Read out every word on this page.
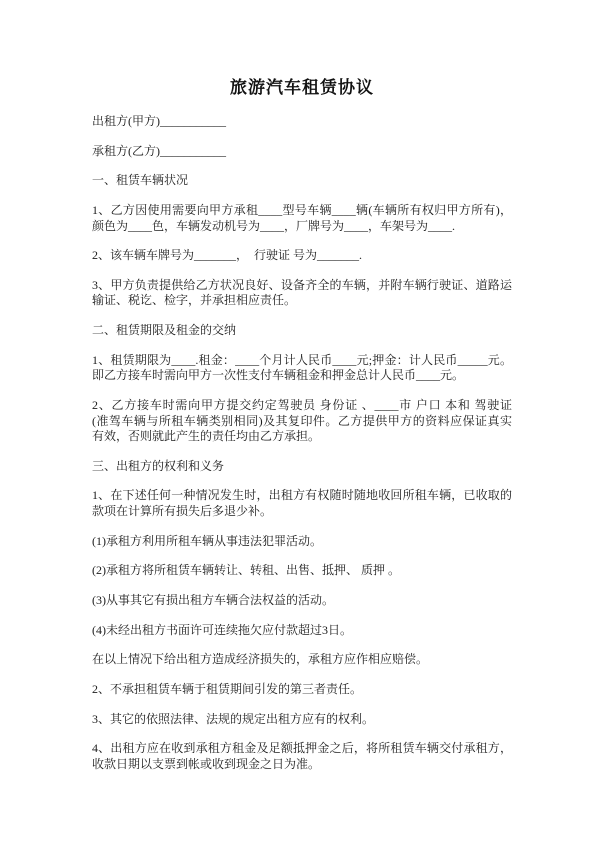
旅游汽车租赁协议
出租方(甲方)___________
承租方(乙方)___________
一、租赁车辆状况
1、乙方因使用需要向甲方承租____型号车辆____辆(车辆所有权归甲方所有)，
颜色为____色，车辆发动机号为____，厂牌号为____，车架号为____.
2、该车辆车牌号为_______，  行驶证 号为_______.
3、甲方负责提供给乙方状况良好、设备齐全的车辆，并附车辆行驶证、道路运
输证、税讫、检字，并承担相应责任。
二、租赁期限及租金的交纳
1、租赁期限为____.租金：____个月计人民币____元;押金：计人民币_____元。
即乙方接车时需向甲方一次性支付车辆租金和押金总计人民币____元。
2、乙方接车时需向甲方提交约定驾驶员 身份证 、____市 户口 本和 驾驶证
(准驾车辆与所租车辆类别相同)及其复印件。乙方提供甲方的资料应保证真实
有效，否则就此产生的责任均由乙方承担。
三、出租方的权利和义务
1、在下述任何一种情况发生时，出租方有权随时随地收回所租车辆，已收取的
款项在计算所有损失后多退少补。
(1)承租方利用所租车辆从事违法犯罪活动。
(2)承租方将所租赁车辆转让、转租、出售、抵押、 质押 。
(3)从事其它有损出租方车辆合法权益的活动。
(4)未经出租方书面许可连续拖欠应付款超过3日。
在以上情况下给出租方造成经济损失的，承租方应作相应赔偿。
2、不承担租赁车辆于租赁期间引发的第三者责任。
3、其它的依照法律、法规的规定出租方应有的权利。
4、出租方应在收到承租方租金及足额抵押金之后，将所租赁车辆交付承租方，
收款日期以支票到帐或收到现金之日为准。
